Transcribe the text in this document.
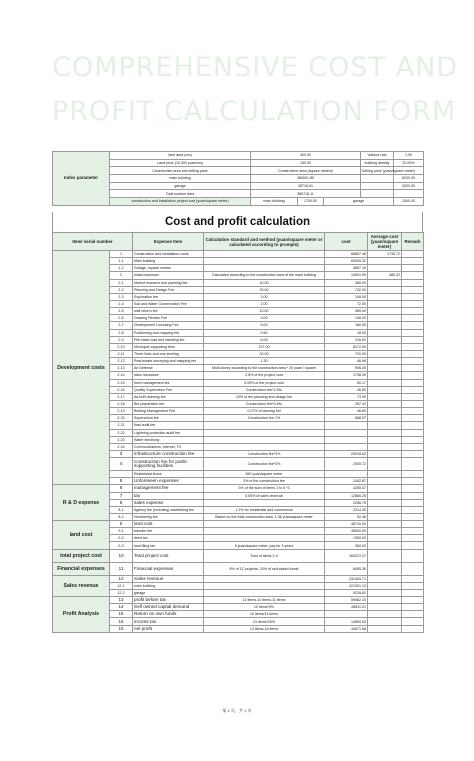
COMPREHENSIVE COST AND
PROFIT CALCULATION FORM
Index parameter	land area (mu)	300.00			Volume rate	1.90
	Land price (10,000 yuan/mu)	150.00			building density	20.00%
	Construction area and selling price	Construction area (square meters)			Selling price (yuan/square meter)	
	main building	380001.80				6200.00
	garage	35716.61				3200.00
	Total surface area	380716.11				
	construction and installation project cost (yuan/square meter)	main building	1700.00	garage		1500.00
Cost and profit calculation
Item/ serial number		Expense Item	Calculation standard and method (yuan/square meter or calculated according to prompts)	cost	Average cost (yuan/square meter)	Remark
Development costs	1	Construction and installation costs		66857.48	1735.72	
	1-1	Main building		63000.32		
	1-2	Garage, square meters		3857.16		
	2	Initial expenses	Calculated according to the construction area of the main building	14901.99	386.32	
	2-1	Market research and planning fee	10.00	366.00		
	2-2	Planning and Design Fee	20.00	732.00		
	2-3	Exploration fee	3.00	108.00		
	2-4	Soil and Water Conservation Fee	2.00	72.00		
	2-5	wall reform fee	10.00	360.00		
	2-6	Drawing Review Fee	3.00	108.00		
	2-7	Development Licensing Fee	5.00	180.00		
	2-8	Positioning and mapping fee	0.50	18.00		
	2-9	Pile static load test handling fee	6.00	216.00		
	2-10	Municipal supporting fees	227.00	8172.00		
	2-11	Three links and one leveling	20.00	720.00		
	2-12	Real estate surveying and mapping fee	1.30	46.96		
	2-13	Air Defense	Multi-storey according to the construction area * 20 yuan / square	906.00		
	2-14	labor insurance	2.8% of the project cost	1738.39		
	2-15	fixed management fee	0.09% of the project cost	60.17		
	2-16	Quality Supervision Fee	Construction fee*1.5‰	46.80		
	2-17	As-built drawing fee	10% of the planning and design fee	73.90		
	2-18	Bid preparation fee	Construction fee*0.4‰	267.43		
	2-19	Bidding Management Fee	0.07% of winning bid	46.80		
	2-20	Supervision fee	Construction fee 1%	668.57		
	2-21	final audit fee				
	2-22	Lightning protection audit fee				
	2-23	Water electricity				
	2-24	Communications, internet, TV				
	3	infrastructure construction fee	Construction fee*3%	20028.62		
	4	Construction fee for public supporting facilities	Construction fee*3%	2005.72		
		Residential fence	560 yuan/square meter			
	5	Unforeseen expenses	3% of the construction fee	1042.87		
R & D expense	6	management fee	3% of the sum of items 1 to 5 *3	4255.37		
	7	tax	5.55% of sales revenue	12866.26		
	8	sales expense		2266.75		
	8-1	Agency fee (including) advertising fee	1.2% for residential and commercial	2214.30		
	8-2	Numbering fee	Based on the total construction area, 1.36 yuan/square meter	52.46		
land cost	9	land cost		46710.00		
	9-1	transfer fee		45000.00		
	9-2	deed tax		1350.00		
	9-3	land filing tax	6 yuan/square meter, pay for 3 years	360.00		
total project cost	10	Total project cost	Sum of items 1-9	163372.27		
Financial expenses	11	Financial expenses	8% of 1C projects, 20% of self-raised funds	8495.36		
Sales revenue	12	Sales revenue		231429.71		
	12-1	main building		221001.13		
	12-2	garage		9228.61		
Profit Analysis	13	profit before tax	12 items-10 items-11 items	59562.10		
	14	Self owned capital demand	10 items*3%	28811.01		
	15	Return on own funds	16 items/14 items			
	16	income tax	13 items*25%	14890.53		
	15	net profit	13 items-16 items	44671.58		
第 1 页，共 1 页
